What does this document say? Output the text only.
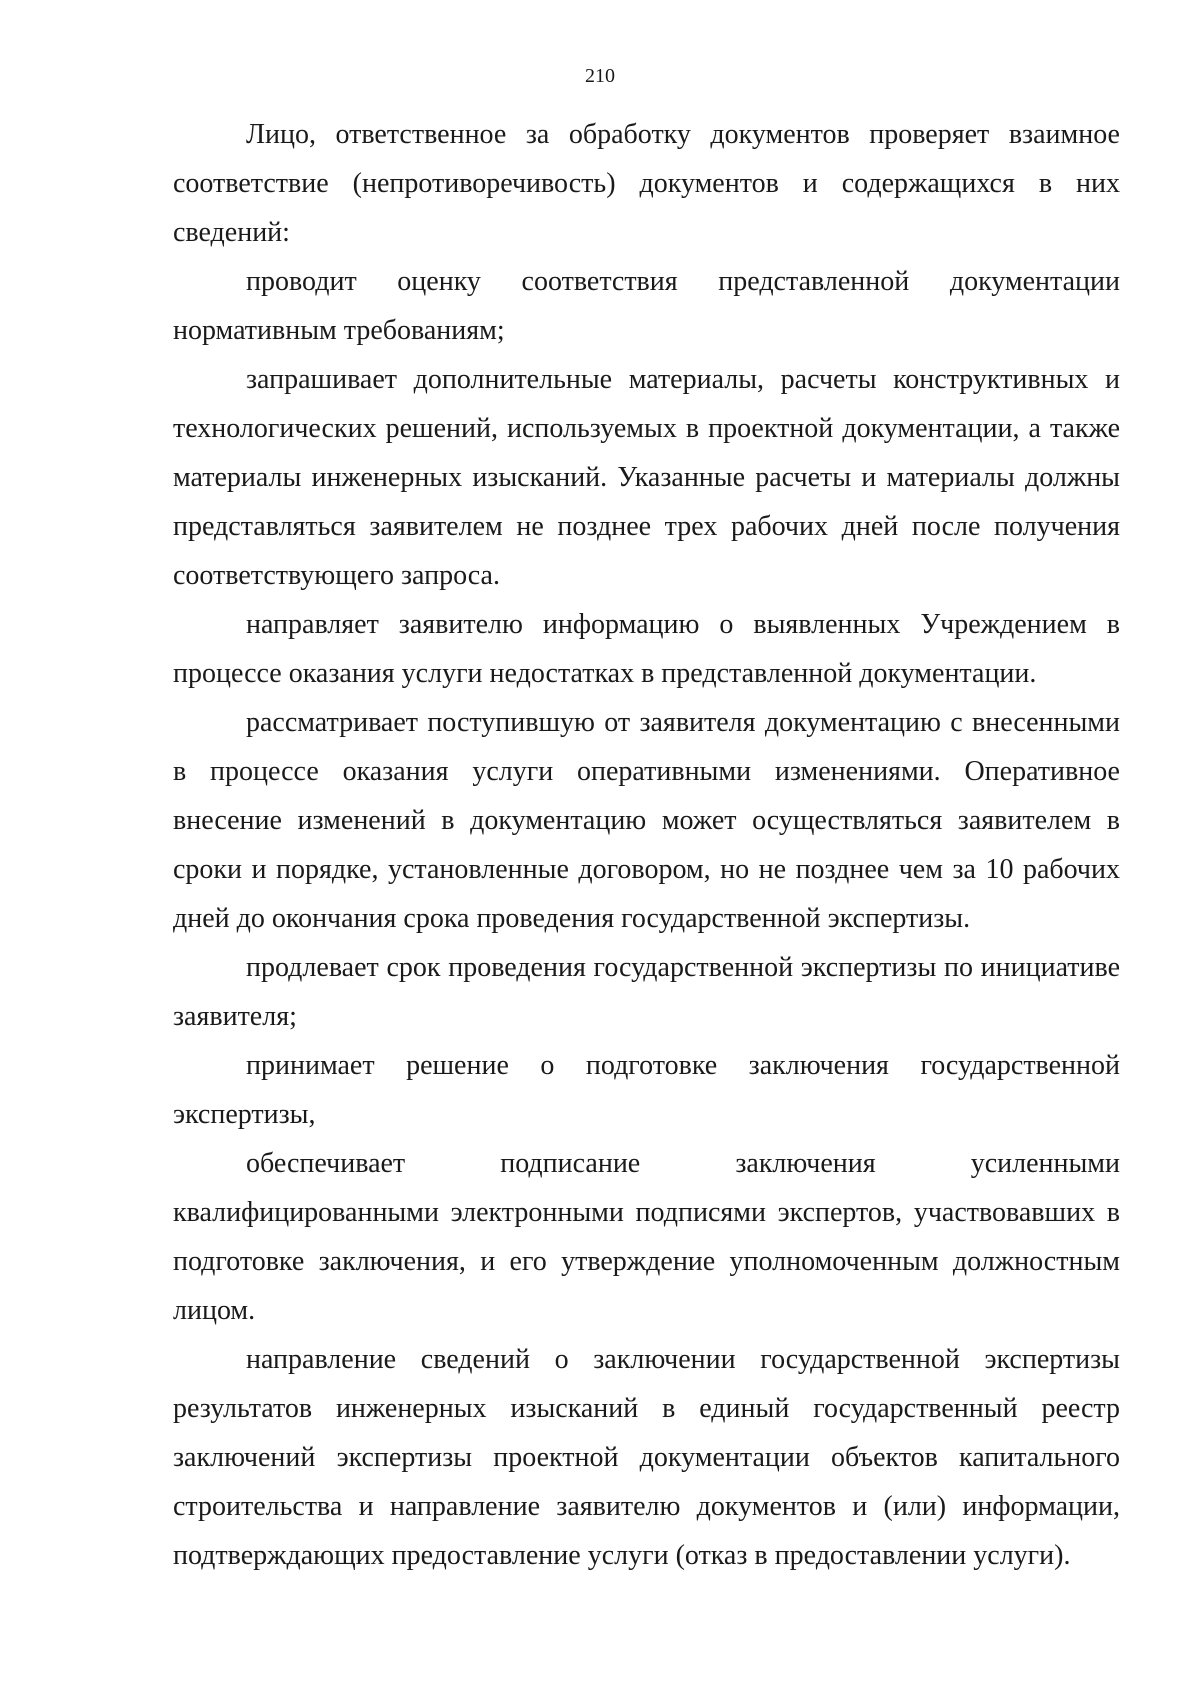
210

Лицо, ответственное за обработку документов проверяет взаимное соответствие (непротиворечивость) документов и содержащихся в них сведений:

проводит оценку соответствия представленной документации нормативным требованиям;

запрашивает дополнительные материалы, расчеты конструктивных и технологических решений, используемых в проектной документации, а также материалы инженерных изысканий. Указанные расчеты и материалы должны представляться заявителем не позднее трех рабочих дней после получения соответствующего запроса.

направляет заявителю информацию о выявленных Учреждением в процессе оказания услуги недостатках в представленной документации.

рассматривает поступившую от заявителя документацию с внесенными в процессе оказания услуги оперативными изменениями. Оперативное внесение изменений в документацию может осуществляться заявителем в сроки и порядке, установленные договором, но не позднее чем за 10 рабочих дней до окончания срока проведения государственной экспертизы.

продлевает срок проведения государственной экспертизы по инициативе заявителя;

принимает решение о подготовке заключения государственной экспертизы,

обеспечивает подписание заключения усиленными квалифицированными электронными подписями экспертов, участвовавших в подготовке заключения, и его утверждение уполномоченным должностным лицом.

направление сведений о заключении государственной экспертизы результатов инженерных изысканий в единый государственный реестр заключений экспертизы проектной документации объектов капитального строительства и направление заявителю документов и (или) информации, подтверждающих предоставление услуги (отказ в предоставлении услуги).
